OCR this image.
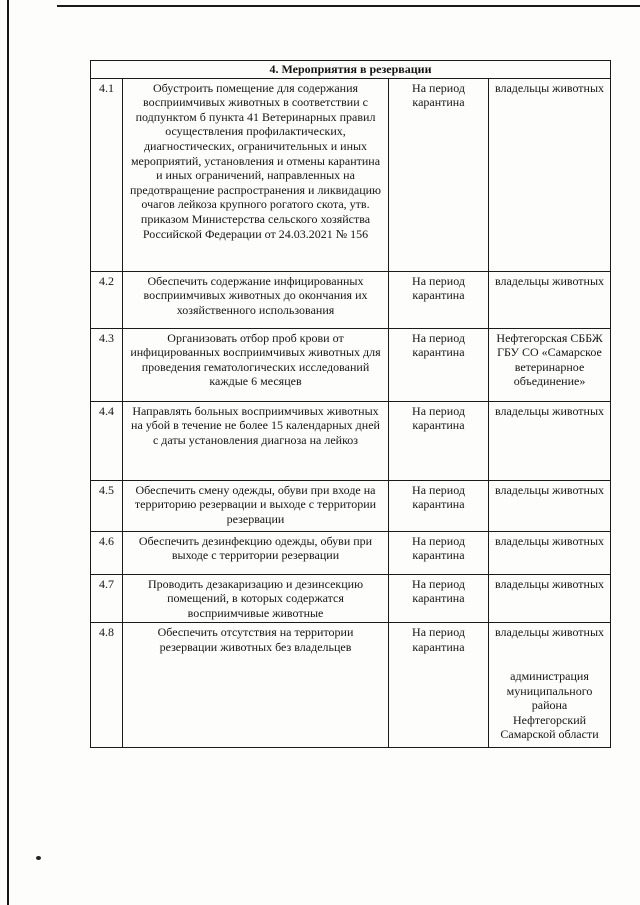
4. Мероприятия в резервации			
4.1	Обустроить помещение для содержания восприимчивых животных в соответствии с подпунктом б пункта 41 Ветеринарных правил осуществления профилактических, диагностических, ограничительных и иных мероприятий, установления и отмены карантина и иных ограничений, направленных на предотвращение распространения и ликвидацию очагов лейкоза крупного рогатого скота, утв. приказом Министерства сельского хозяйства Российской Федерации от 24.03.2021 № 156	На период карантина	владельцы животных
4.2	Обеспечить содержание инфицированных восприимчивых животных до окончания их хозяйственного использования	На период карантина	владельцы животных
4.3	Организовать отбор проб крови от инфицированных восприимчивых животных для проведения гематологических исследований каждые 6 месяцев	На период карантина	Нефтегорская СББЖ ГБУ СО «Самарское ветеринарное объединение»
4.4	Направлять больных восприимчивых животных на убой в течение не более 15 календарных дней с даты установления диагноза на лейкоз	На период карантина	владельцы животных
4.5	Обеспечить смену одежды, обуви при входе на территорию резервации и выходе с территории резервации	На период карантина	владельцы животных
4.6	Обеспечить дезинфекцию одежды, обуви при выходе с территории резервации	На период карантина	владельцы животных
4.7	Проводить дезакаризацию и дезинсекцию помещений, в которых содержатся восприимчивые животные	На период карантина	владельцы животных
4.8	Обеспечить отсутствия на территории резервации животных без владельцев	На период карантина	владельцы животных
администрация муниципального района Нефтегорский Самарской области
